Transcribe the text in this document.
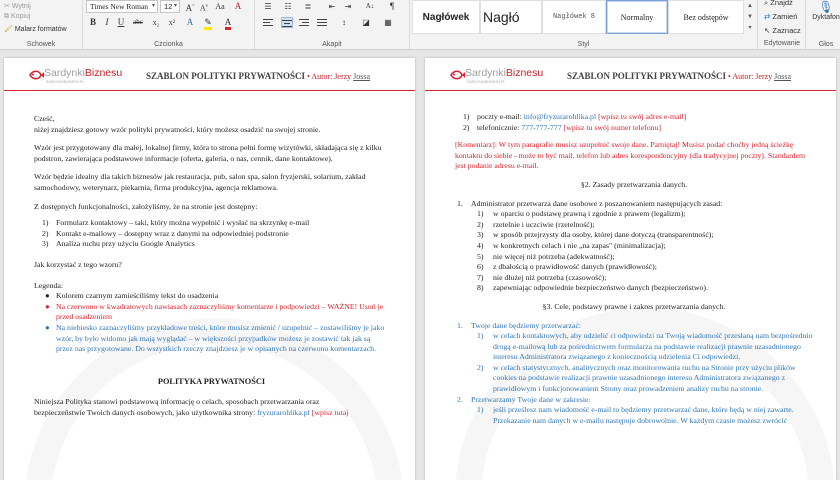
✂ Wytnij
⧉ Kopiuj
🖌 Malarz formatów
Schowek
Times New Roman ▾	12 ▾ A^ $A^v$ Aa	A
B	I	U	abc	x₂	x²	A	✎	A
Czcionka
☰	☷	≣	⇤	⇥	A↓	¶
↕	◪	▦
Akapit
Nagłówek Nagłó	Nagłówek 8	Normalny	Bez odstępów
Styl
▲
▼
▾
⌕ Znajdź
⇄ Zamień
↖ Zaznacz
Edytowanie
🎙
Dyktafon
Głos
SardynkiBiznesu
SARDYNKIBIZNESU.PL
SZABLON POLITYKI PRYWATNOŚCI • Autor: Jerzy Jossa

Cześć,

niżej znajdziesz gotowy wzór polityki prywatności, który możesz osadzić na swojej stronie.

Wzór jest przygotowany dla małej, lokalnej firmy, która to strona pełni formę wizytówki, składająca się z kilku podstron, zawierająca podstawowe informacje (oferta, galeria, o nas, cennik, dane kontaktowe).

Wzór będzie idealny dla takich biznesów jak restauracja, pub, salon spa, salon fryzjerski, solarium, zakład samochodowy, weterynarz, piekarnia, firma produkcyjna, agencja reklamowa.

Z dostępnych funkcjonalności, założyliśmy, że na stronie jest dostępny:

1) Formularz kontaktowy – taki, który można wypełnić i wysłać na skrzynkę e-mail
2) Kontakt e-mailowy – dostępny wraz z danymi na odpowiedniej podstronie
3) Analiza ruchu przy użyciu Google Analytics

Jak korzystać z tego wzoru?

Legenda:

● Kolorem czarnym zamieściliśmy tekst do osadzenia
● Na czerwono w kwadratowych nawiasach zaznaczyliśmy komentarze i podpowiedzi – WAŻNE! Usuń je przed osadzeniem
● Na niebiesko zaznaczyliśmy przykładowe treści, które musisz zmienić / uzupełnić – zostawiliśmy je jako wzór, by było widomo jak mają wyglądać – w większości przypadków możesz je zostawić tak jak są przez nas przygotowane. Do wszystkich rzeczy znajdziesz je w opisanych na czerwono komentarzach.

POLITYKA PRYWATNOŚCI

Niniejsza Polityka stanowi podstawową informację o celach, sposobach przetwarzania oraz

bezpieczeństwie Twoich danych osobowych, jako użytkownika strony: fryzurarohlika.pl [wpisz tutaj

SardynkiBiznesu
SARDYNKIBIZNESU.PL
SZABLON POLITYKI PRYWATNOŚCI • Autor: Jerzy Jossa
1) poczty e-mail: info@fryzurarohlika.pl [wpisz tu swój adres e-mail]
2) telefonicznie: 777-777-777 [wpisz tu swój numer telefonu]

[Komentarz]: W tym paragrafie musisz uzupełnić swoje dane. Pamiętaj! Musisz podać choćby jedną ścieżkę kontaktu do siebie - może to być mail, telefon lub adres korespondencyjny (dla tradycyjnej poczty). Standardem jest podanie adresu e-mail.

§2. Zasady przetwarzania danych.

1. Administrator przetwarza dane osobowe z poszanowaniem następujących zasad:
1) w oparciu o podstawę prawną i zgodnie z prawem (legalizm);
2) rzetelnie i uczciwie (rzetelność);
3) w sposób przejrzysty dla osoby, której dane dotyczą (transparentność);
4) w konkretnych celach i nie „na zapas" (minimalizacja);
5) nie więcej niż potrzeba (adekwatność);
6) z dbałością o prawidłowość danych (prawidłowość);
7) nie dłużej niż potrzeba (czasowość);
8) zapewniając odpowiednie bezpieczeństwo danych (bezpieczeństwo).

§3. Cele, podstawy prawne i zakres przetwarzania danych.

1. Twoje dane będziemy przetwarzać:
1) w celach kontaktowych, aby udzielić ci odpowiedzi na Twoją wiadomość przesłaną nam bezpośrednio drogą e-mailową lub za pośrednictwem formularza na podstawie realizacji prawnie uzasadnionego interesu Administratora związanego z koniecznością udzielenia Ci odpowiedzi.
2) w celach statystycznych, analitycznych oraz monitorowania ruchu na Stronie przy użyciu plików cookies na podstawie realizacji prawnie uzasadnionego interesu Administratora związanego z prawidłowym i funkcjonowaniem Strony oraz prowadzeniem analizy ruchu na stronie.
2. Przetwarzamy Twoje dane w zakresie:
1) jeśli prześlesz nam wiadomość e-mail to będziemy przetwarzać dane, które będą w niej zawarte. Przekazanie nam danych w e-mailu następuje dobrowolnie. W każdym czasie możesz zwrócić
